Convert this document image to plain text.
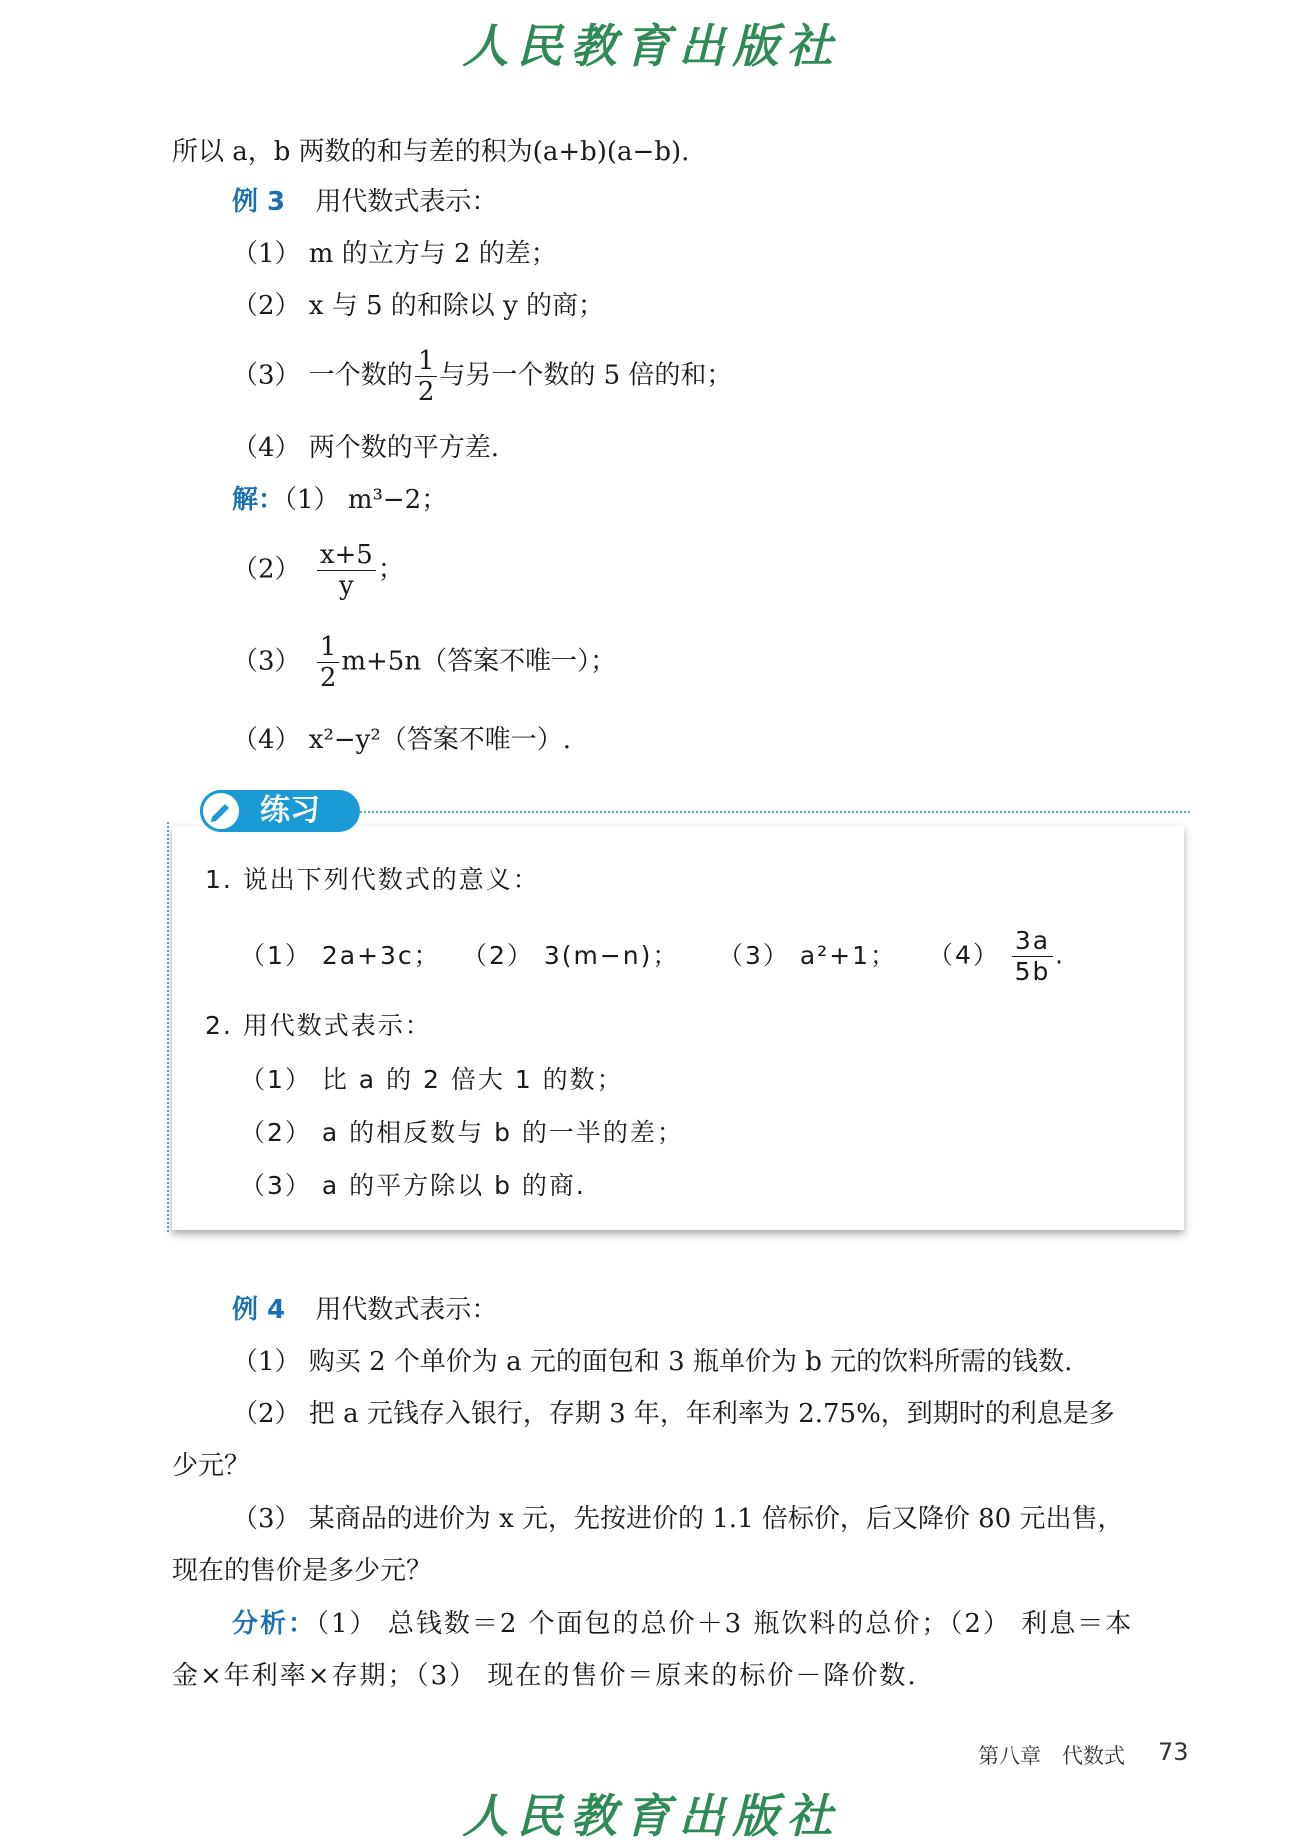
人民教育出版社
所以 a，b 两数的和与差的积为(a+b)(a−b).
例 3 用代数式表示：
（1） m 的立方与 2 的差；
（2） x 与 5 的和除以 y 的商；
（3） 一个数的 $\frac{1}{2}$ 与另一个数的 5 倍的和；
（4） 两个数的平方差.
解：（1） m³−2；
$(2) \frac{x+5}{y}$ ；
$(3) \frac{1}{2} m+5n$（答案不唯一）；
（4） x²−y²（答案不唯一）.
练习
1. 说出下列代数式的意义：
（1） 2a+3c； （2） 3(m−n)； （3） a²+1； $(4) \frac{3a}{5b}$ .
2. 用代数式表示：
（1） 比 a 的 2 倍大 1 的数；
（2） a 的相反数与 b 的一半的差；
（3） a 的平方除以 b 的商.
例 4 用代数式表示：
（1） 购买 2 个单价为 a 元的面包和 3 瓶单价为 b 元的饮料所需的钱数.
（2） 把 a 元钱存入银行，存期 3 年，年利率为 2.75%，到期时的利息是多
少元？
（3） 某商品的进价为 x 元，先按进价的 1.1 倍标价，后又降价 80 元出售，
现在的售价是多少元？
分析：（1） 总钱数＝2 个面包的总价＋3 瓶饮料的总价；（2） 利息＝本
金×年利率×存期；（3） 现在的售价＝原来的标价－降价数.
第八章　代数式 73
人民教育出版社
